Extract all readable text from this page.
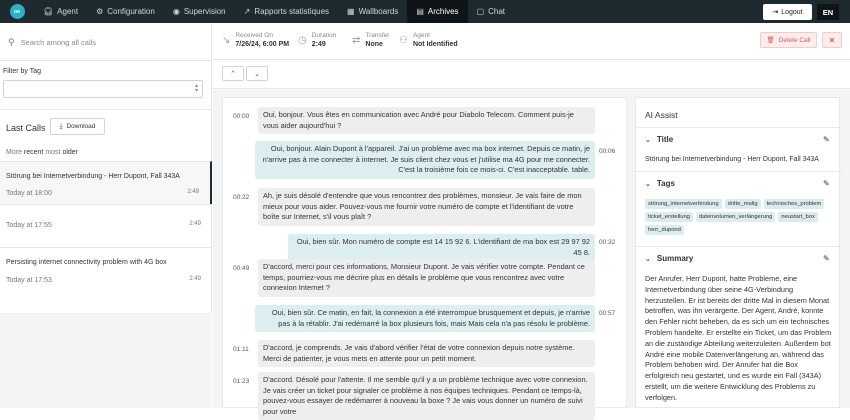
oo	🎧︎ Agent ⚙ Configuration ◉ Supervision ↗ Rapports statistiques ▦ Wallboards ▤ Archives ▢ Chat	⇥ Logout	EN
⚲ Search among all calls
Filter by Tag
▴
▾
Last Calls ⤓ Download
More recent most older
Störung bei Internetverbindung - Herr Dupont, Fall 343A
Today at 18:00	2:49
Today at 17:55	2:49
Persisting internet connectivity problem with 4G box
Today at 17:53	2:49
↘ Received On
7/26/24, 6:00 PM ◷ Duration
2:49	⇄ Transfer
None	⚇ Agent
Not Identified
🗑︎ Delete Call ✕
⌃	⌄
00:00	Oui, bonjour. Vous êtes en communication avec André pour Diabolo Telecom. Comment puis-je vous aider aujourd'hui ?
00:06
Oui, bonjour. Alain Dupont à l'appareil. J'ai un problème avec ma box internet. Depuis ce matin, je n'arrive pas à me connecter à internet. Je suis client chez vous et j'utilise ma 4G pour me connecter. C'est la troisième fois ce mois-ci. C'est inacceptable. table.
00:22	Ah, je suis désolé d'entendre que vous rencontrez des problèmes, monsieur. Je vais faire de mon mieux pour vous aider. Pouvez-vous me fournir votre numéro de compte et l'identifiant de votre boîte sur Internet, s'il vous plaît ?
00:32
Oui, bien sûr. Mon numéro de compte est 14 15 92 6. L'identifiant de ma box est 29 97 92 45 8.
00:49	D'accord, merci pour ces informations, Monsieur Dupont. Je vais vérifier votre compte. Pendant ce temps, pourriez-vous me décrire plus en détails le problème que vous rencontrez avec votre connexion Internet ?
00:57
Oui, bien sûr. Ce matin, en fait, la connexion a été interrompue brusquement et depuis, je n'arrive pas à la rétablir. J'ai redémarré la box plusieurs fois, mais Mais cela n'a pas résolu le problème.
01:11	D'accord, je comprends. Je vais d'abord vérifier l'état de votre connexion depuis notre système. Merci de patienter, je vous mets en attente pour un petit moment.
01:23	D'accord. Désolé pour l'attente. Il me semble qu'il y a un problème technique avec votre connexion. Je vais créer un ticket pour signaler ce problème à nos équipes techniques. Pendant ce temps-là, pouvez-vous essayer de redémarrer à nouveau la boxe ? Je vais vous donner un numéro de suivi pour votre
AI Assist
⌄ Title	✎
Störung bei Internetverbindung - Herr Dupont, Fall 343A
⌄ Tags	✎
störung_internetverbindung	dritte_malig	technisches_problem
ticket_erstellung	datenvolumen_verlängerung	neustart_box
herr_dupond
⌄ Summary	✎
Der Anrufer, Herr Dupont, hatte Probleme, eine Internetverbindung über seine 4G-Verbindung herzustellen. Er ist bereits der dritte Mal in diesem Monat betroffen, was ihn verärgerte. Der Agent, André, konnte den Fehler nicht beheben, da es sich um ein technisches Problem handelte. Er erstellte ein Ticket, um das Problem an die zuständige Abteilung weiterzuleiten. Außerdem bot André eine mobile Datenverlängerung an, während das Problem behoben wird. Der Anrufer hat die Box erfolgreich neu gestartet, und es wurde ein Fall (343A) erstellt, um die weitere Entwicklung des Problems zu verfolgen.
